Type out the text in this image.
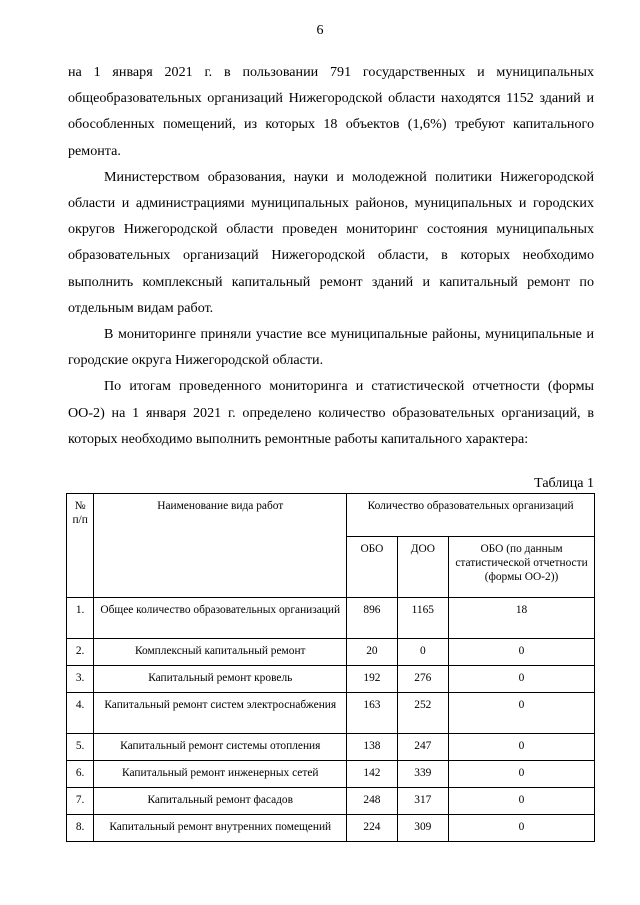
6

на 1 января 2021 г. в пользовании 791 государственных и муниципальных общеобразовательных организаций Нижегородской области находятся 1152 зданий и обособленных помещений, из которых 18 объектов (1,6%) требуют капитального ремонта.

Министерством образования, науки и молодежной политики Нижегородской области и администрациями муниципальных районов, муниципальных и городских округов Нижегородской области проведен мониторинг состояния муниципальных образовательных организаций Нижегородской области, в которых необходимо выполнить комплексный капитальный ремонт зданий и капитальный ремонт по отдельным видам работ.

В мониторинге приняли участие все муниципальные районы, муниципальные и городские округа Нижегородской области.

По итогам проведенного мониторинга и статистической отчетности (формы ОО-2) на 1 января 2021 г. определено количество образовательных организаций, в которых необходимо выполнить ремонтные работы капитального характера:

Таблица 1
№ п/п	Наименование вида работ	Количество образовательных организаций		
		ОБО	ДОО	ОБО (по данным статистической отчетности (формы ОО-2))
1.	Общее количество образовательных организаций	896	1165	18
2.	Комплексный капитальный ремонт	20	0	0
3.	Капитальный ремонт кровель	192	276	0
4.	Капитальный ремонт систем электроснабжения	163	252	0
5.	Капитальный ремонт системы отопления	138	247	0
6.	Капитальный ремонт инженерных сетей	142	339	0
7.	Капитальный ремонт фасадов	248	317	0
8.	Капитальный ремонт внутренних помещений	224	309	0
